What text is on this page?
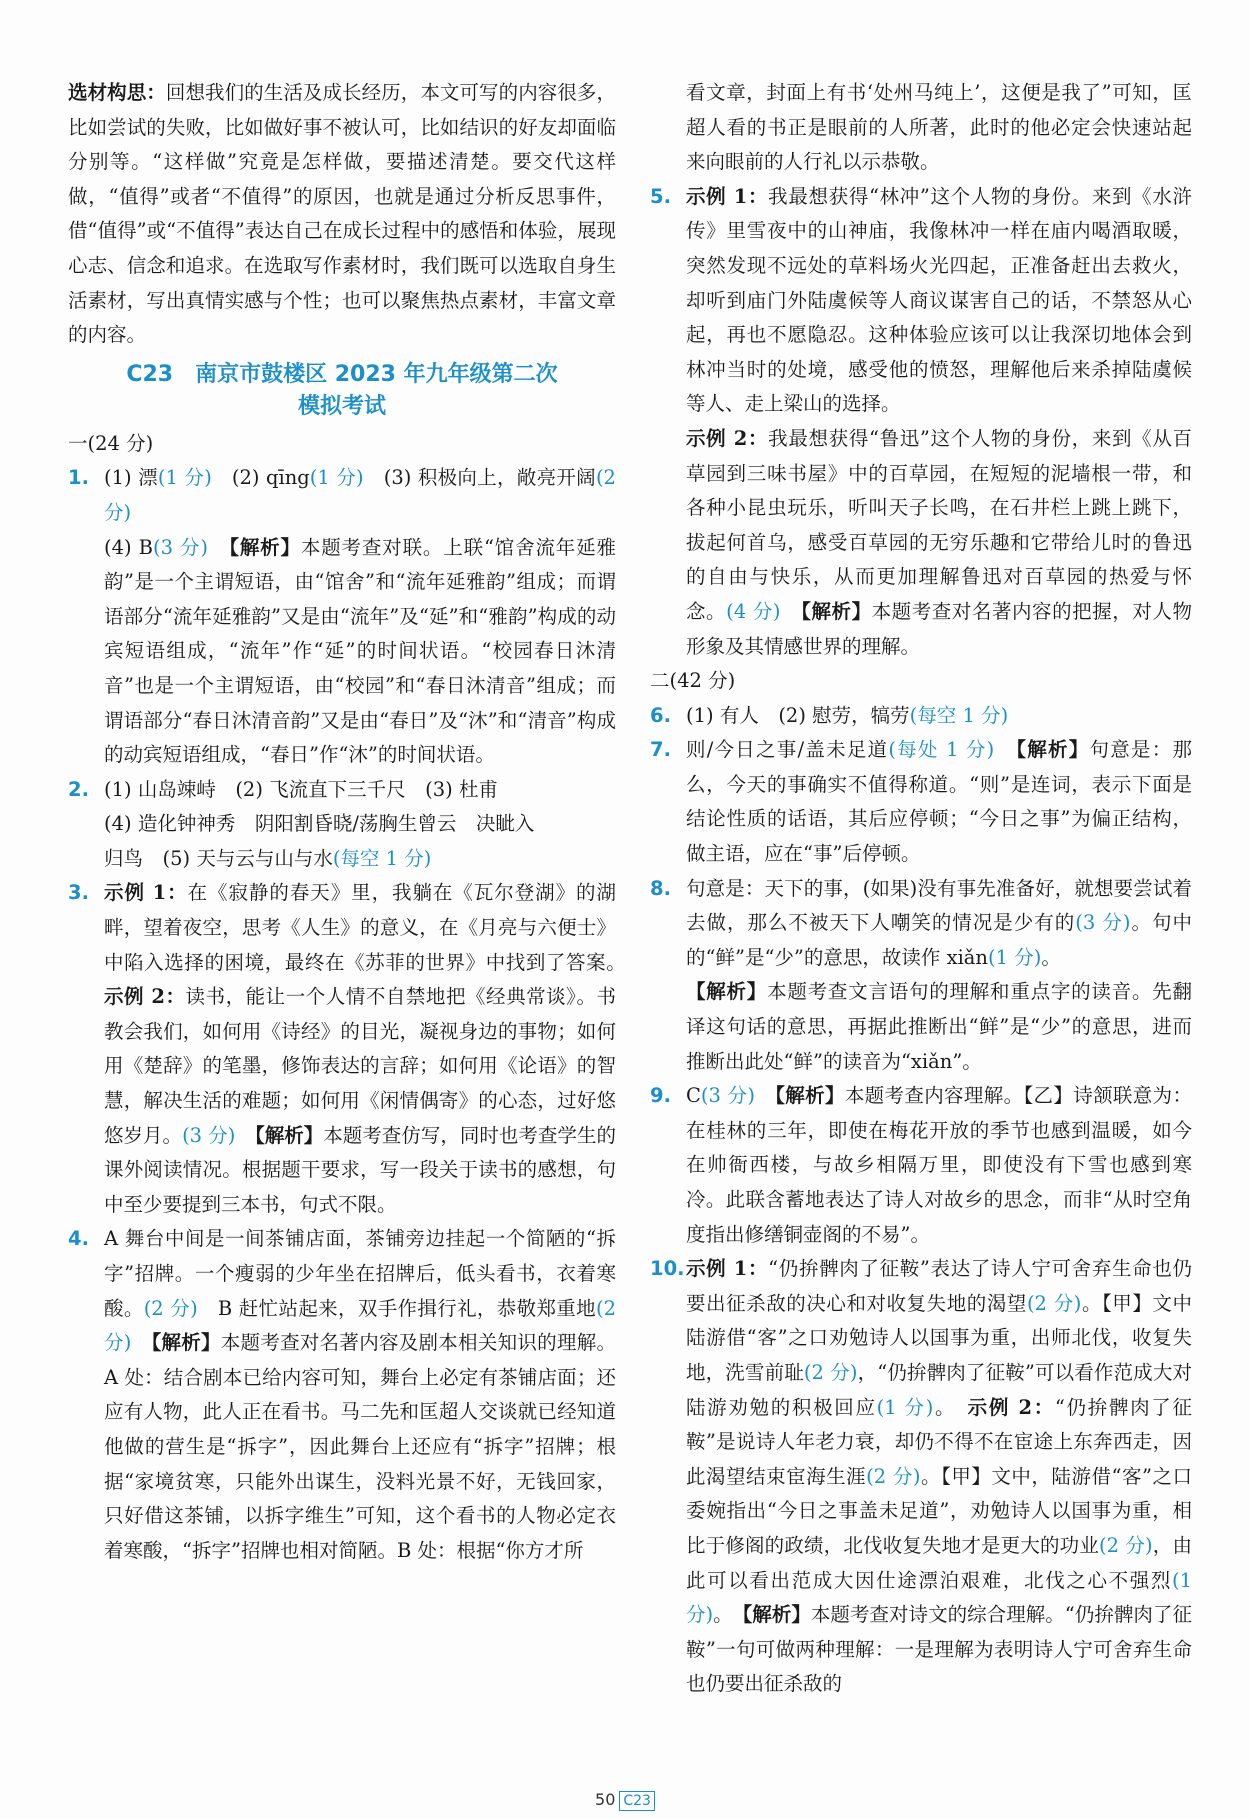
选材构思：回想我们的生活及成长经历，本文可写的内容很多，比如尝试的失败，比如做好事不被认可，比如结识的好友却面临分别等。“这样做”究竟是怎样做，要描述清楚。要交代这样做，“值得”或者“不值得”的原因，也就是通过分析反思事件，借“值得”或“不值得”表达自己在成长过程中的感悟和体验，展现心志、信念和追求。在选取写作素材时，我们既可以选取自身生活素材，写出真情实感与个性；也可以聚焦热点素材，丰富文章的内容。

C23 南京市鼓楼区 2023 年九年级第二次
模拟考试

一(24 分)

1. (1) 漂(1 分)　 (2) qīng(1 分)　 (3) 积极向上，敞亮开阔(2 分)

(4) B(3 分)　 【解析】本题考查对联。上联“馆舍流年延雅韵”是一个主谓短语，由“馆舍”和“流年延雅韵”组成；而谓语部分“流年延雅韵”又是由“流年”及“延”和“雅韵”构成的动宾短语组成，“流年”作“延”的时间状语。“校园春日沐清音”也是一个主谓短语，由“校园”和“春日沐清音”组成；而谓语部分“春日沐清音韵”又是由“春日”及“沐”和“清音”构成的动宾短语组成，“春日”作“沐”的时间状语。

2. (1) 山岛竦峙　(2) 飞流直下三千尺　(3) 杜甫

(4) 造化钟神秀　阴阳割昏晓/荡胸生曾云　决眦入

归鸟　(5) 天与云与山与水(每空 1 分)

3. 示例 1：在《寂静的春天》里，我躺在《瓦尔登湖》的湖畔，望着夜空，思考《人生》的意义，在《月亮与六便士》中陷入选择的困境，最终在《苏菲的世界》中找到了答案。　　示例 2：读书，能让一个人情不自禁地把《经典常谈》。书教会我们，如何用《诗经》的目光，凝视身边的事物；如何用《楚辞》的笔墨，修饰表达的言辞；如何用《论语》的智慧，解决生活的难题；如何用《闲情偶寄》的心态，过好悠悠岁月。(3 分)　 【解析】本题考查仿写，同时也考查学生的课外阅读情况。根据题干要求，写一段关于读书的感想，句中至少要提到三本书，句式不限。

4. A 舞台中间是一间茶铺店面，茶铺旁边挂起一个简陋的“拆字”招牌。一个瘦弱的少年坐在招牌后，低头看书，衣着寒酸。(2 分)　B 赶忙站起来，双手作揖行礼，恭敬郑重地(2 分)　 【解析】本题考查对名著内容及剧本相关知识的理解。A 处：结合剧本已给内容可知，舞台上必定有茶铺店面；还应有人物，此人正在看书。马二先和匡超人交谈就已经知道他做的营生是“拆字”，因此舞台上还应有“拆字”招牌；根据“家境贫寒，只能外出谋生，没料光景不好，无钱回家，只好借这茶铺，以拆字维生”可知，这个看书的人物必定衣着寒酸，“拆字”招牌也相对简陋。B 处：根据“你方才所

看文章，封面上有书‘处州马纯上’，这便是我了”可知，匡超人看的书正是眼前的人所著，此时的他必定会快速站起来向眼前的人行礼以示恭敬。

5. 示例 1：我最想获得“林冲”这个人物的身份。来到《水浒传》里雪夜中的山神庙，我像林冲一样在庙内喝酒取暖，突然发现不远处的草料场火光四起，正准备赶出去救火，却听到庙门外陆虞候等人商议谋害自己的话，不禁怒从心起，再也不愿隐忍。这种体验应该可以让我深切地体会到林冲当时的处境，感受他的愤怒，理解他后来杀掉陆虞候等人、走上梁山的选择。

示例 2：我最想获得“鲁迅”这个人物的身份，来到《从百草园到三味书屋》中的百草园，在短短的泥墙根一带，和各种小昆虫玩乐，听叫天子长鸣，在石井栏上跳上跳下，拔起何首乌，感受百草园的无穷乐趣和它带给儿时的鲁迅的自由与快乐，从而更加理解鲁迅对百草园的热爱与怀念。(4 分)　 【解析】本题考查对名著内容的把握，对人物形象及其情感世界的理解。

二(42 分)

6. (1) 有人　(2) 慰劳，犒劳(每空 1 分)

7. 则/今日之事/盖未足道(每处 1 分)　 【解析】句意是：那么，今天的事确实不值得称道。“则”是连词，表示下面是结论性质的话语，其后应停顿；“今日之事”为偏正结构，做主语，应在“事”后停顿。

8. 句意是：天下的事，(如果)没有事先准备好，就想要尝试着去做，那么不被天下人嘲笑的情况是少有的(3 分)。句中的“鲜”是“少”的意思，故读作 xiǎn(1 分)。

【解析】本题考查文言语句的理解和重点字的读音。先翻译这句话的意思，再据此推断出“鲜”是“少”的意思，进而推断出此处“鲜”的读音为“xiǎn”。

9. C(3 分)　 【解析】本题考查内容理解。【乙】诗颔联意为：在桂林的三年，即使在梅花开放的季节也感到温暖，如今在帅衙西楼，与故乡相隔万里，即使没有下雪也感到寒冷。此联含蓄地表达了诗人对故乡的思念，而非“从时空角度指出修缮铜壶阁的不易”。

10. 示例 1：“仍拚髀肉了征鞍”表达了诗人宁可舍弃生命也仍要出征杀敌的决心和对收复失地的渴望(2 分)。【甲】文中陆游借“客”之口劝勉诗人以国事为重，出师北伐，收复失地，洗雪前耻(2 分)，“仍拚髀肉了征鞍”可以看作范成大对陆游劝勉的积极回应(1 分)。　示例 2：“仍拚髀肉了征鞍”是说诗人年老力衰，却仍不得不在宦途上东奔西走，因此渴望结束宦海生涯(2 分)。【甲】文中，陆游借“客”之口委婉指出“今日之事盖未足道”，劝勉诗人以国事为重，相比于修阁的政绩，北伐收复失地才是更大的功业(2 分)，由此可以看出范成大因仕途漂泊艰难，北伐之心不强烈(1 分)。　【解析】本题考查对诗文的综合理解。“仍拚髀肉了征鞍”一句可做两种理解：一是理解为表明诗人宁可舍弃生命也仍要出征杀敌的

50 C23
